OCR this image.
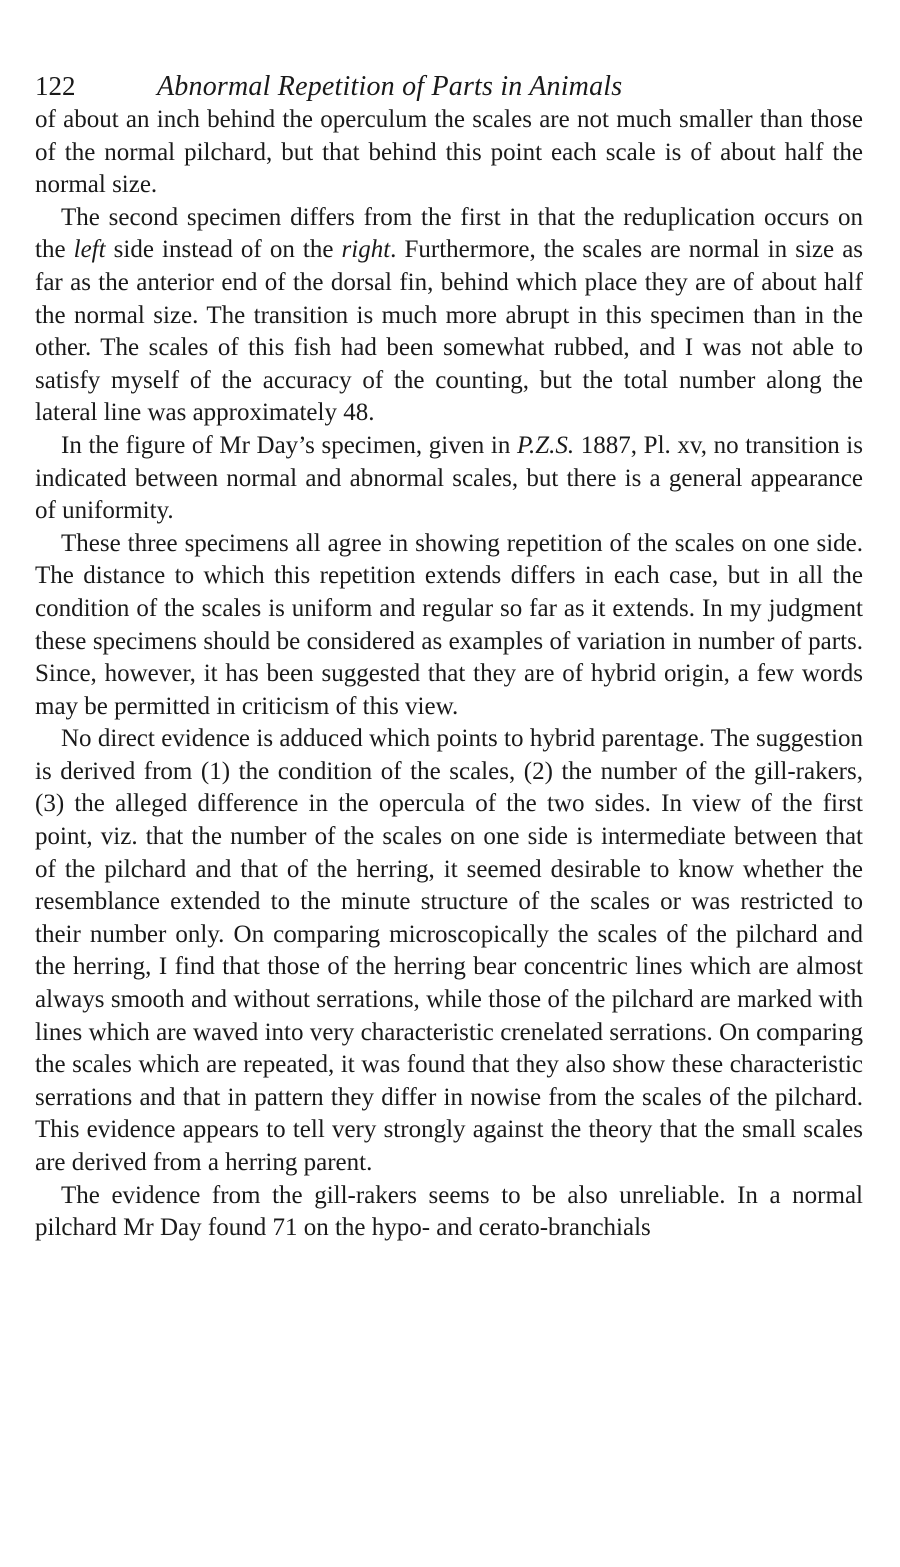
122	Abnormal Repetition of Parts in Animals

of about an inch behind the operculum the scales are not much smaller than those of the normal pilchard, but that behind this point each scale is of about half the normal size.

The second specimen differs from the first in that the reduplication occurs on the left side instead of on the right. Furthermore, the scales are normal in size as far as the anterior end of the dorsal fin, behind which place they are of about half the normal size. The transition is much more abrupt in this specimen than in the other. The scales of this fish had been somewhat rubbed, and I was not able to satisfy myself of the accuracy of the counting, but the total number along the lateral line was approximately 48.

In the figure of Mr Day’s specimen, given in P.Z.S. 1887, Pl. xv, no transition is indicated between normal and abnormal scales, but there is a general appearance of uniformity.

These three specimens all agree in showing repetition of the scales on one side. The distance to which this repetition extends differs in each case, but in all the condition of the scales is uniform and regular so far as it extends. In my judgment these specimens should be considered as examples of variation in number of parts. Since, however, it has been suggested that they are of hybrid origin, a few words may be permitted in criticism of this view.

No direct evidence is adduced which points to hybrid parentage. The suggestion is derived from (1) the condition of the scales, (2) the number of the gill-rakers, (3) the alleged difference in the opercula of the two sides. In view of the first point, viz. that the number of the scales on one side is intermediate between that of the pilchard and that of the herring, it seemed desirable to know whether the resemblance extended to the minute structure of the scales or was restricted to their number only. On comparing microscopically the scales of the pilchard and the herring, I find that those of the herring bear concentric lines which are almost always smooth and without serrations, while those of the pilchard are marked with lines which are waved into very characteristic crenelated serrations. On comparing the scales which are repeated, it was found that they also show these characteristic serrations and that in pattern they differ in nowise from the scales of the pilchard. This evidence appears to tell very strongly against the theory that the small scales are derived from a herring parent.

The evidence from the gill-rakers seems to be also unreliable. In a normal pilchard Mr Day found 71 on the hypo- and cerato-branchials
